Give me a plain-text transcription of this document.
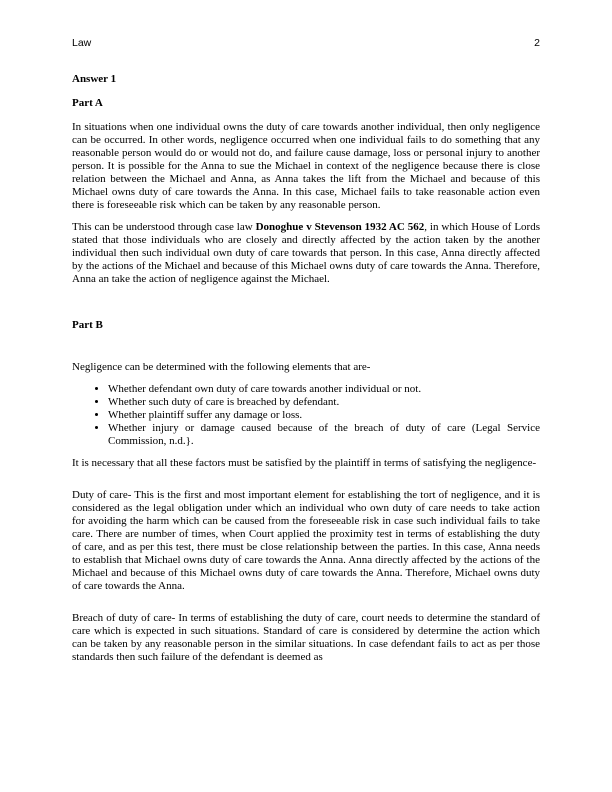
Law	2
Answer 1
Part A

In situations when one individual owns the duty of care towards another individual, then only negligence can be occurred. In other words, negligence occurred when one individual fails to do something that any reasonable person would do or would not do, and failure cause damage, loss or personal injury to another person. It is possible for the Anna to sue the Michael in context of the negligence because there is close relation between the Michael and Anna, as Anna takes the lift from the Michael and because of this Michael owns duty of care towards the Anna. In this case, Michael fails to take reasonable action even there is foreseeable risk which can be taken by any reasonable person.

This can be understood through case law Donoghue v Stevenson 1932 AC 562, in which House of Lords stated that those individuals who are closely and directly affected by the action taken by the another individual then such individual own duty of care towards that person. In this case, Anna directly affected by the actions of the Michael and because of this Michael owns duty of care towards the Anna. Therefore, Anna an take the action of negligence against the Michael.

Part B

Negligence can be determined with the following elements that are-

• Whether defendant own duty of care towards another individual or not.
• Whether such duty of care is breached by defendant.
• Whether plaintiff suffer any damage or loss.
• Whether injury or damage caused because of the breach of duty of care (Legal Service Commission, n.d.}.

It is necessary that all these factors must be satisfied by the plaintiff in terms of satisfying the negligence-

Duty of care- This is the first and most important element for establishing the tort of negligence, and it is considered as the legal obligation under which an individual who own duty of care needs to take action for avoiding the harm which can be caused from the foreseeable risk in case such individual fails to take care. There are number of times, when Court applied the proximity test in terms of establishing the duty of care, and as per this test, there must be close relationship between the parties. In this case, Anna needs to establish that Michael owns duty of care towards the Anna. Anna directly affected by the actions of the Michael and because of this Michael owns duty of care towards the Anna. Therefore, Michael owns duty of care towards the Anna.

Breach of duty of care- In terms of establishing the duty of care, court needs to determine the standard of care which is expected in such situations. Standard of care is considered by determine the action which can be taken by any reasonable person in the similar situations. In case defendant fails to act as per those standards then such failure of the defendant is deemed as
